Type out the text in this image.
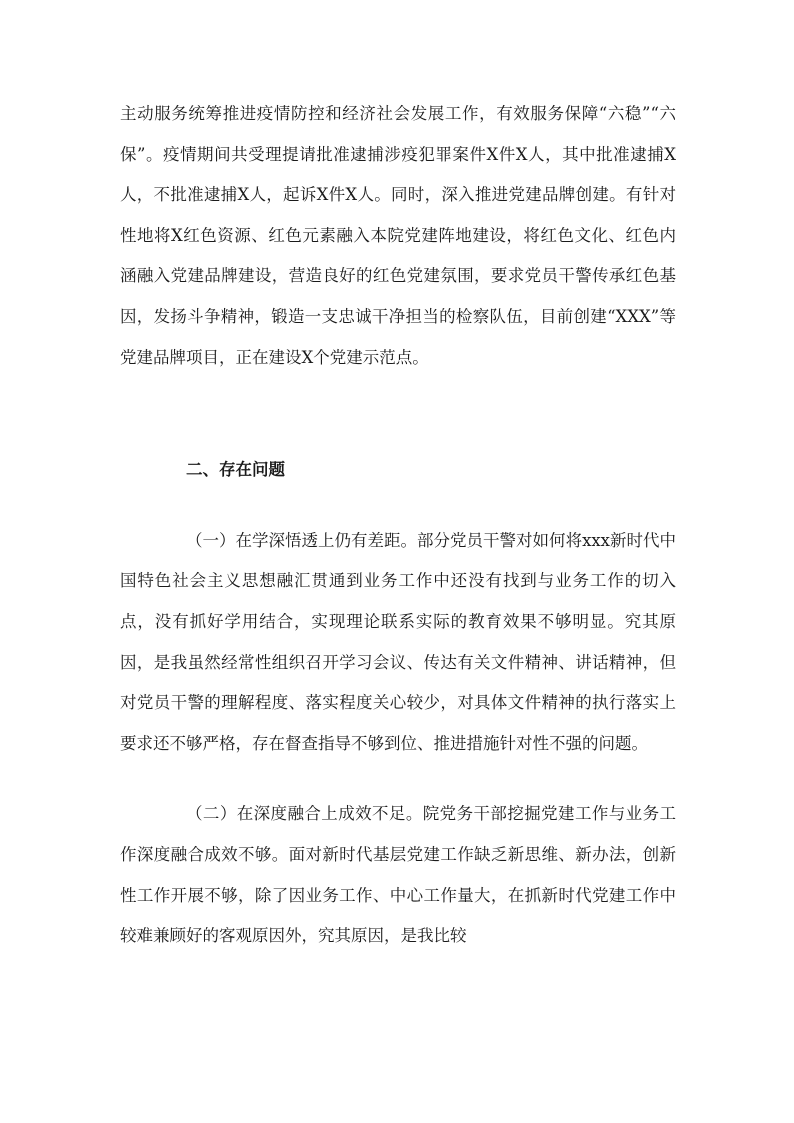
主动服务统筹推进疫情防控和经济社会发展工作，有效服务保障“六稳”“六保”。疫情期间共受理提请批准逮捕涉疫犯罪案件X件X人，其中批准逮捕X人，不批准逮捕X人，起诉X件X人。同时，深入推进党建品牌创建。有针对性地将X红色资源、红色元素融入本院党建阵地建设，将红色文化、红色内涵融入党建品牌建设，营造良好的红色党建氛围，要求党员干警传承红色基因，发扬斗争精神，锻造一支忠诚干净担当的检察队伍，目前创建“XXX”等党建品牌项目，正在建设X个党建示范点。

二、存在问题

（一）在学深悟透上仍有差距。部分党员干警对如何将xxx新时代中国特色社会主义思想融汇贯通到业务工作中还没有找到与业务工作的切入点，没有抓好学用结合，实现理论联系实际的教育效果不够明显。究其原因，是我虽然经常性组织召开学习会议、传达有关文件精神、讲话精神，但对党员干警的理解程度、落实程度关心较少，对具体文件精神的执行落实上要求还不够严格，存在督查指导不够到位、推进措施针对性不强的问题。

（二）在深度融合上成效不足。院党务干部挖掘党建工作与业务工作深度融合成效不够。面对新时代基层党建工作缺乏新思维、新办法，创新性工作开展不够，除了因业务工作、中心工作量大，在抓新时代党建工作中较难兼顾好的客观原因外，究其原因，是我比较
